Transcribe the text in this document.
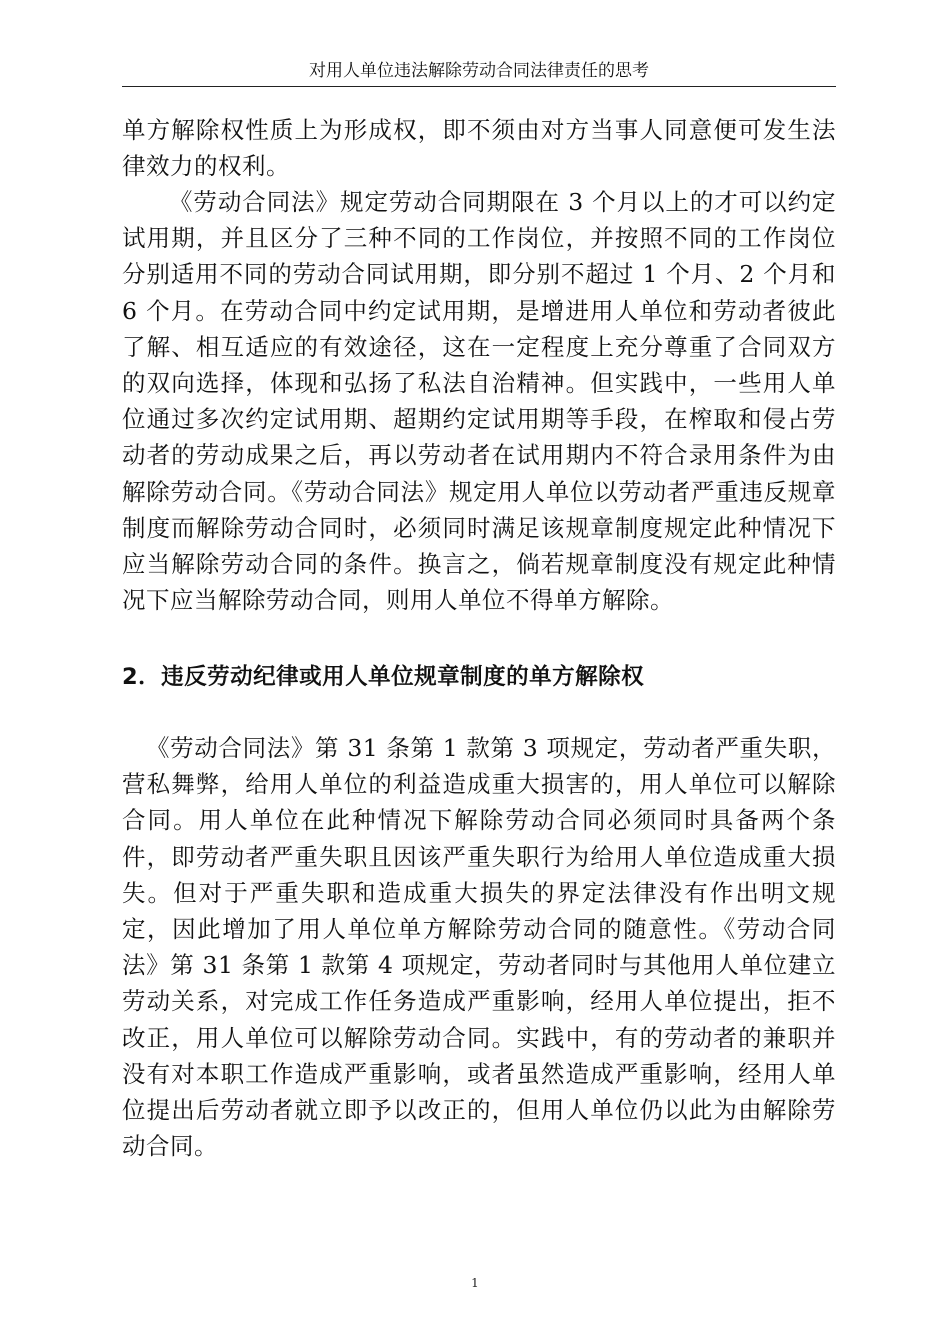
对用人单位违法解除劳动合同法律责任的思考

单方解除权性质上为形成权，即不须由对方当事人同意便可发生法律效力的权利。

《劳动合同法》规定劳动合同期限在 3 个月以上的才可以约定试用期，并且区分了三种不同的工作岗位，并按照不同的工作岗位分别适用不同的劳动合同试用期，即分别不超过 1 个月、2 个月和 6 个月。在劳动合同中约定试用期，是增进用人单位和劳动者彼此了解、相互适应的有效途径，这在一定程度上充分尊重了合同双方的双向选择，体现和弘扬了私法自治精神。但实践中，一些用人单位通过多次约定试用期、超期约定试用期等手段，在榨取和侵占劳动者的劳动成果之后，再以劳动者在试用期内不符合录用条件为由解除劳动合同。《劳动合同法》规定用人单位以劳动者严重违反规章制度而解除劳动合同时，必须同时满足该规章制度规定此种情况下应当解除劳动合同的条件。换言之，倘若规章制度没有规定此种情况下应当解除劳动合同，则用人单位不得单方解除。

2．违反劳动纪律或用人单位规章制度的单方解除权

《劳动合同法》第 31 条第 1 款第 3 项规定，劳动者严重失职，营私舞弊，给用人单位的利益造成重大损害的，用人单位可以解除合同。用人单位在此种情况下解除劳动合同必须同时具备两个条件，即劳动者严重失职且因该严重失职行为给用人单位造成重大损失。但对于严重失职和造成重大损失的界定法律没有作出明文规定，因此增加了用人单位单方解除劳动合同的随意性。《劳动合同法》第 31 条第 1 款第 4 项规定，劳动者同时与其他用人单位建立劳动关系，对完成工作任务造成严重影响，经用人单位提出，拒不改正，用人单位可以解除劳动合同。实践中，有的劳动者的兼职并没有对本职工作造成严重影响，或者虽然造成严重影响，经用人单位提出后劳动者就立即予以改正的，但用人单位仍以此为由解除劳动合同。

1
